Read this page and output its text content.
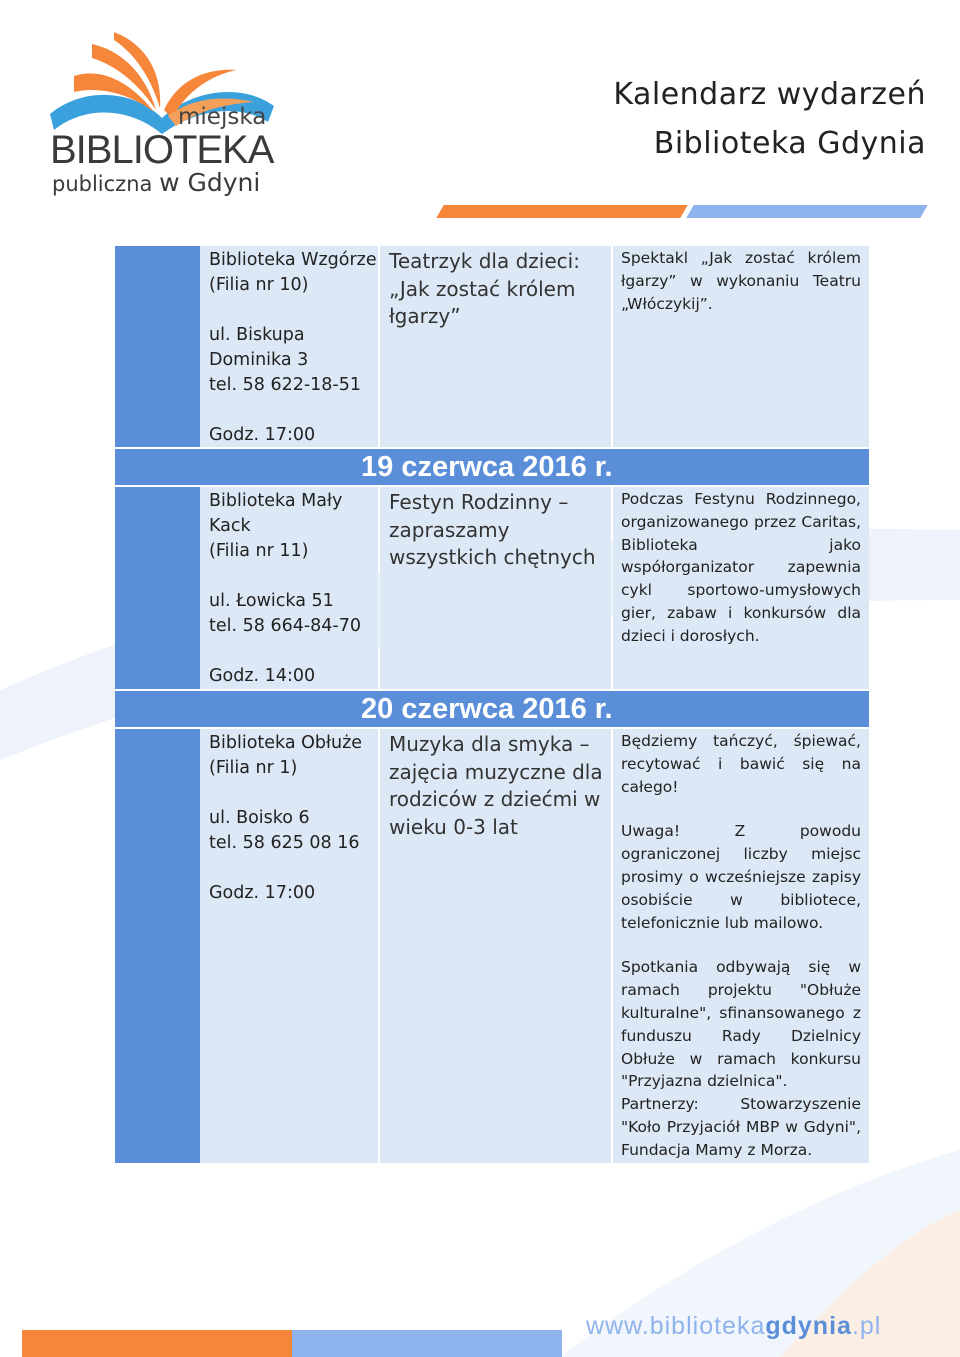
miejska
BIBLIOTEKA
publiczna w Gdyni
Kalendarz wydarzeń
Biblioteka Gdynia
Biblioteka Wzgórze
(Filia nr 10)
ul. Biskupa
Dominika 3
tel. 58 622-18-51
Godz. 17:00
Teatrzyk dla dzieci: „Jak zostać królem łgarzy”

Spektakl „Jak zostać królem łgarzy” w wykonaniu Teatru „Włóczykij”.

19 czerwca 2016 r.
Biblioteka Mały
Kack
(Filia nr 11)
ul. Łowicka 51
tel. 58 664-84-70
Godz. 14:00
Festyn Rodzinny – zapraszamy wszystkich chętnych

Podczas Festynu Rodzinnego, organizowanego przez Caritas, Biblioteka jako współorganizator zapewnia cykl sportowo-umysłowych gier, zabaw i konkursów dla dzieci i dorosłych.

20 czerwca 2016 r.
Biblioteka Obłuże
(Filia nr 1)
ul. Boisko 6
tel. 58 625 08 16
Godz. 17:00
Muzyka dla smyka – zajęcia muzyczne dla rodziców z dziećmi w wieku 0-3 lat

Będziemy tańczyć, śpiewać, recytować i bawić się na całego!

Uwaga! Z powodu ograniczonej liczby miejsc prosimy o wcześniejsze zapisy osobiście w bibliotece, telefonicznie lub mailowo.

Spotkania odbywają się w ramach projektu "Obłuże kulturalne", sfinansowanego z funduszu Rady Dzielnicy Obłuże w ramach konkursu "Przyjazna dzielnica".

Partnerzy: Stowarzyszenie "Koło Przyjaciół MBP w Gdyni", Fundacja Mamy z Morza.

www.bibliotekagdynia.pl
